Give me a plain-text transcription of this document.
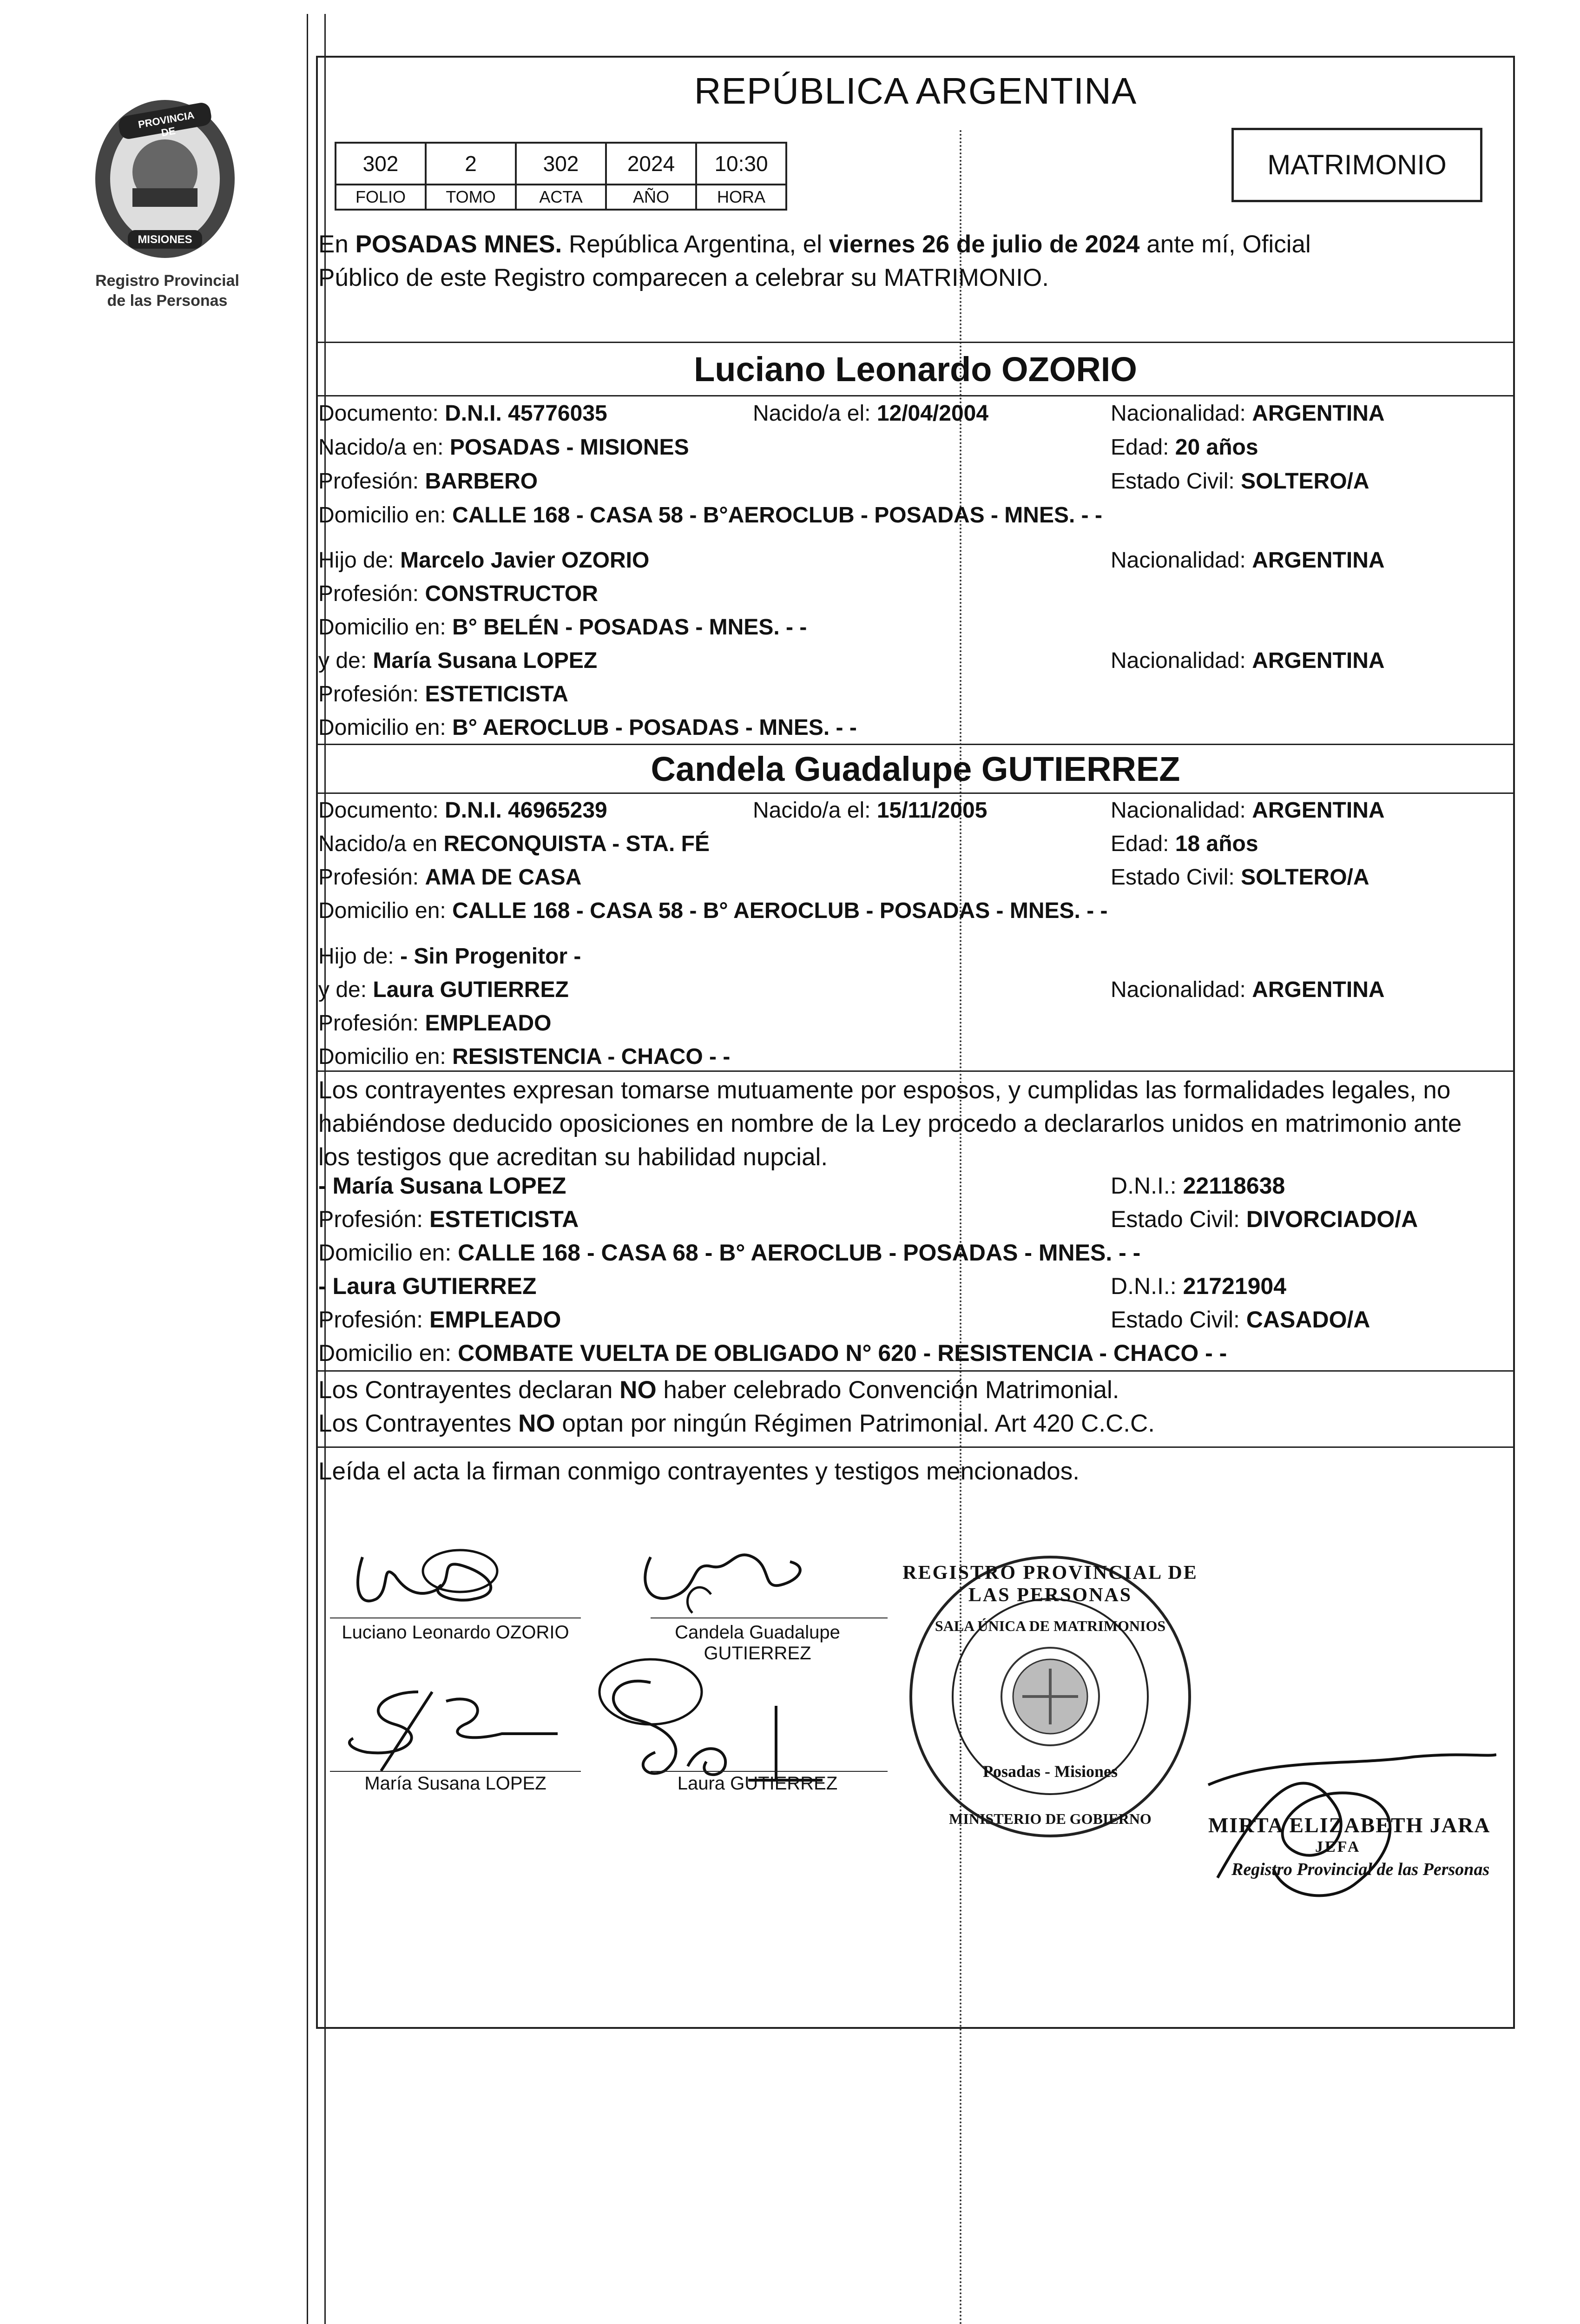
PROVINCIA DE
MISIONES
Registro Provincial
de las Personas
REPÚBLICA ARGENTINA
302	2	302	2024	10:30
FOLIO	TOMO	ACTA	AÑO	HORA
MATRIMONIO
En POSADAS MNES. República Argentina, el viernes 26 de julio de 2024 ante mí, Oficial
Público de este Registro comparecen a celebrar su MATRIMONIO.
Luciano Leonardo OZORIO
Documento: D.N.I. 45776035	Nacido/a el: 12/04/2004	Nacionalidad: ARGENTINA
Nacido/a en: POSADAS - MISIONES	Edad: 20 años
Profesión: BARBERO	Estado Civil: SOLTERO/A
Domicilio en: CALLE 168 - CASA 58 - B°AEROCLUB - POSADAS - MNES. - -
Hijo de: Marcelo Javier OZORIO	Nacionalidad: ARGENTINA
Profesión: CONSTRUCTOR
Domicilio en: B° BELÉN - POSADAS - MNES. - -
y de: María Susana LOPEZ	Nacionalidad: ARGENTINA
Profesión: ESTETICISTA
Domicilio en: B° AEROCLUB - POSADAS - MNES. - -
Candela Guadalupe GUTIERREZ
Documento: D.N.I. 46965239	Nacido/a el: 15/11/2005	Nacionalidad: ARGENTINA
Nacido/a en RECONQUISTA - STA. FÉ	Edad: 18 años
Profesión: AMA DE CASA	Estado Civil: SOLTERO/A
Domicilio en: CALLE 168 - CASA 58 - B° AEROCLUB - POSADAS - MNES. - -
Hijo de: - Sin Progenitor -
y de: Laura GUTIERREZ	Nacionalidad: ARGENTINA
Profesión: EMPLEADO
Domicilio en: RESISTENCIA - CHACO - -
Los contrayentes expresan tomarse mutuamente por esposos, y cumplidas las formalidades legales, no
habiéndose deducido oposiciones en nombre de la Ley procedo a declararlos unidos en matrimonio ante
los testigos que acreditan su habilidad nupcial.
- María Susana LOPEZ	D.N.I.: 22118638
Profesión: ESTETICISTA	Estado Civil: DIVORCIADO/A
Domicilio en: CALLE 168 - CASA 68 - B° AEROCLUB - POSADAS - MNES. - -
- Laura GUTIERREZ	D.N.I.: 21721904
Profesión: EMPLEADO	Estado Civil: CASADO/A
Domicilio en: COMBATE VUELTA DE OBLIGADO N° 620 - RESISTENCIA - CHACO - -
Los Contrayentes declaran NO haber celebrado Convención Matrimonial.
Los Contrayentes NO optan por ningún Régimen Patrimonial. Art 420 C.C.C.
Leída el acta la firman conmigo contrayentes y testigos mencionados.
Luciano Leonardo OZORIO	Candela Guadalupe
GUTIERREZ
María Susana LOPEZ	Laura GUTIERREZ
REGISTRO PROVINCIAL DE LAS PERSONAS
SALA ÚNICA DE MATRIMONIOS
Posadas - Misiones
MINISTERIO DE GOBIERNO	MIRTA ELIZABETH JARA
JEFA
Registro Provincial de las Personas
